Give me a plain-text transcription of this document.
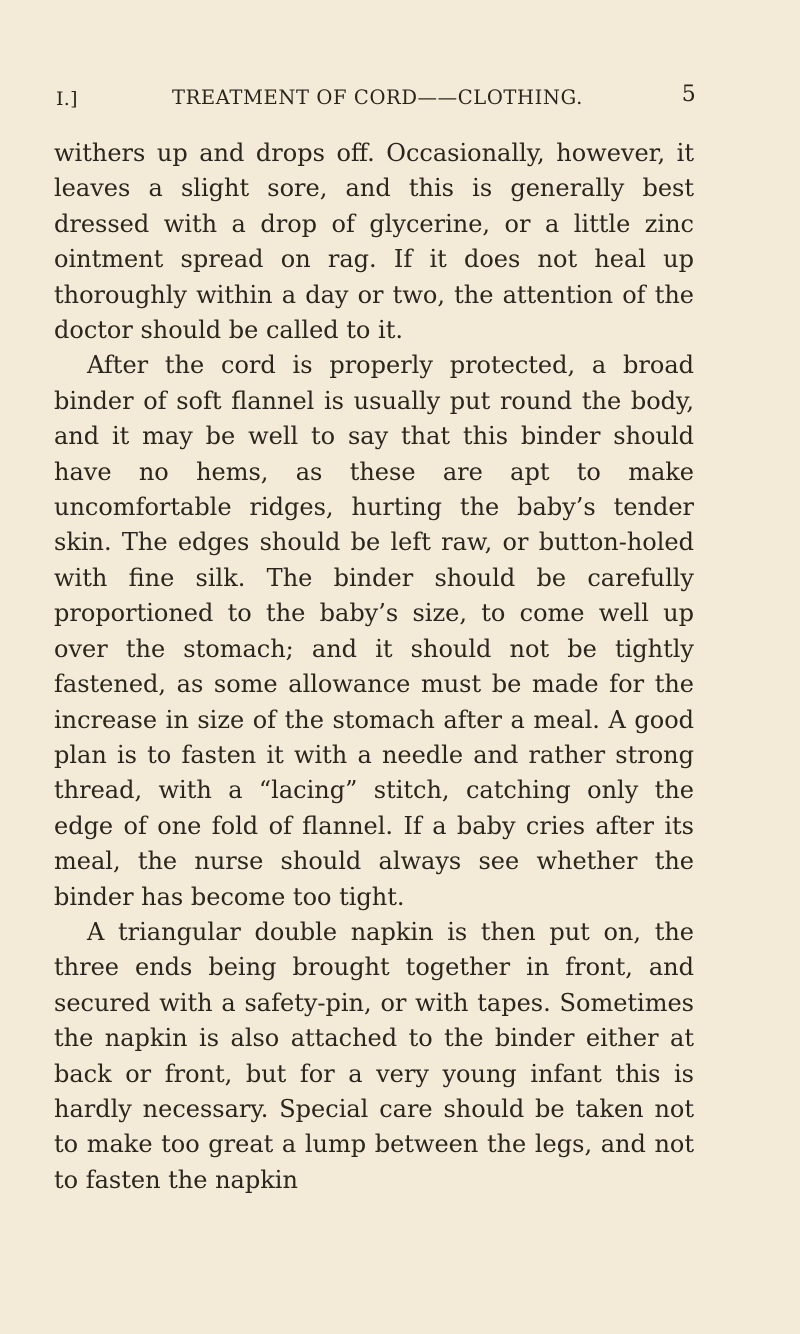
I.]	TREATMENT OF CORD——CLOTHING.	5

withers up and drops off. Occasionally, however, it leaves a slight sore, and this is generally best dressed with a drop of glycerine, or a little zinc ointment spread on rag. If it does not heal up thoroughly within a day or two, the attention of the doctor should be called to it.

After the cord is properly protected, a broad binder of soft flannel is usually put round the body, and it may be well to say that this binder should have no hems, as these are apt to make uncomfortable ridges, hurting the baby’s tender skin. The edges should be left raw, or button-holed with fine silk. The binder should be carefully proportioned to the baby’s size, to come well up over the stomach; and it should not be tightly fastened, as some allowance must be made for the increase in size of the stomach after a meal. A good plan is to fasten it with a needle and rather strong thread, with a “lacing” stitch, catching only the edge of one fold of flannel. If a baby cries after its meal, the nurse should always see whether the binder has become too tight.

A triangular double napkin is then put on, the three ends being brought together in front, and secured with a safety-pin, or with tapes. Sometimes the napkin is also attached to the binder either at back or front, but for a very young infant this is hardly necessary. Special care should be taken not to make too great a lump between the legs, and not to fasten the napkin
